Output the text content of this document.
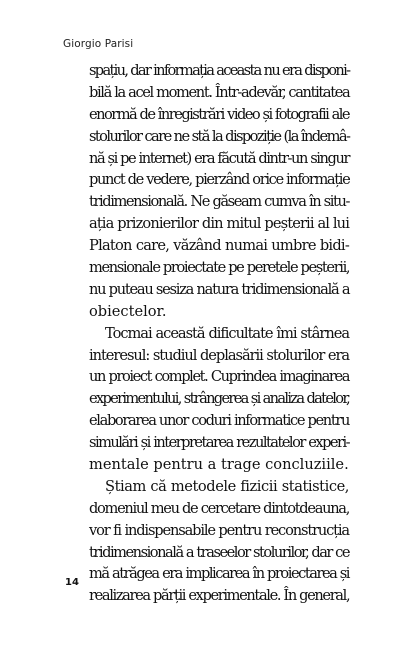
Giorgio Parisi
spațiu, dar informația aceasta nu era disponi-
bilă la acel moment. Într-adevăr, cantitatea
enormă de înregistrări video și fotografii ale
stolurilor care ne stă la dispoziție (la îndemâ-
nă și pe internet) era făcută dintr-un singur
punct de vedere, pierzând orice informație
tridimensională. Ne găseam cumva în situ-
ația prizonierilor din mitul peșterii al lui
Platon care, văzând numai umbre bidi-
mensionale proiectate pe peretele peșterii,
nu puteau sesiza natura tridimensională a
obiectelor.
Tocmai această dificultate îmi stârnea
interesul: studiul deplasării stolurilor era
un proiect complet. Cuprindea imaginarea
experimentului, strângerea și analiza datelor,
elaborarea unor coduri informatice pentru
simulări și interpretarea rezultatelor experi-
mentale pentru a trage concluziile.
Știam că metodele fizicii statistice,
domeniul meu de cercetare dintotdeauna,
vor fi indispensabile pentru reconstrucția
tridimensională a traseelor stolurilor, dar ce
mă atrăgea era implicarea în proiectarea și
realizarea părții experimentale. În general,
14
